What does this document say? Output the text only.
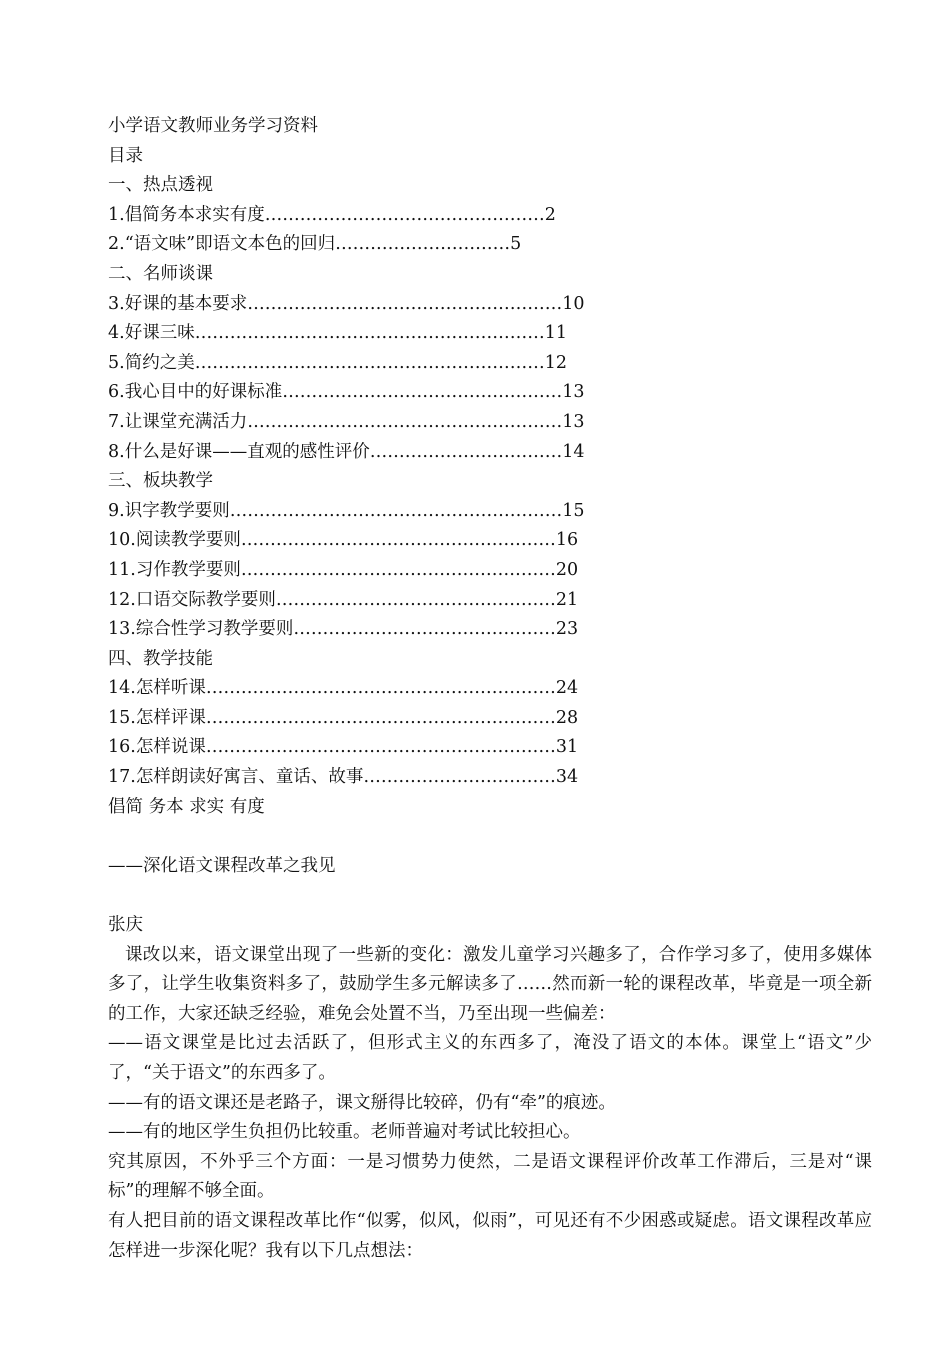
小学语文教师业务学习资料
目录
一、热点透视
1.倡简务本求实有度…………………………………………2
2.“语文味”即语文本色的回归…………………………5
二、名师谈课
3.好课的基本要求………………………………………………10
4.好课三味……………………………………………………11
5.简约之美……………………………………………………12
6.我心目中的好课标准…………………………………………13
7.让课堂充满活力………………………………………………13
8.什么是好课——直观的感性评价……………………………14
三、板块教学
9.识字教学要则…………………………………………………15
10.阅读教学要则………………………………………………16
11.习作教学要则………………………………………………20
12.口语交际教学要则…………………………………………21
13.综合性学习教学要则………………………………………23
四、教学技能
14.怎样听课……………………………………………………24
15.怎样评课……………………………………………………28
16.怎样说课……………………………………………………31
17.怎样朗读好寓言、童话、故事……………………………34
倡简 务本 求实 有度
——深化语文课程改革之我见
张庆
课改以来，语文课堂出现了一些新的变化：激发儿童学习兴趣多了，合作学习多了，使用多媒体多了，让学生收集资料多了，鼓励学生多元解读多了……然而新一轮的课程改革，毕竟是一项全新的工作，大家还缺乏经验，难免会处置不当，乃至出现一些偏差：
——语文课堂是比过去活跃了，但形式主义的东西多了，淹没了语文的本体。课堂上“语文”少了，“关于语文”的东西多了。
——有的语文课还是老路子，课文掰得比较碎，仍有“牵”的痕迹。
——有的地区学生负担仍比较重。老师普遍对考试比较担心。
究其原因，不外乎三个方面：一是习惯势力使然，二是语文课程评价改革工作滞后，三是对“课标”的理解不够全面。
有人把目前的语文课程改革比作“似雾，似风，似雨”，可见还有不少困惑或疑虑。语文课程改革应怎样进一步深化呢？我有以下几点想法：
